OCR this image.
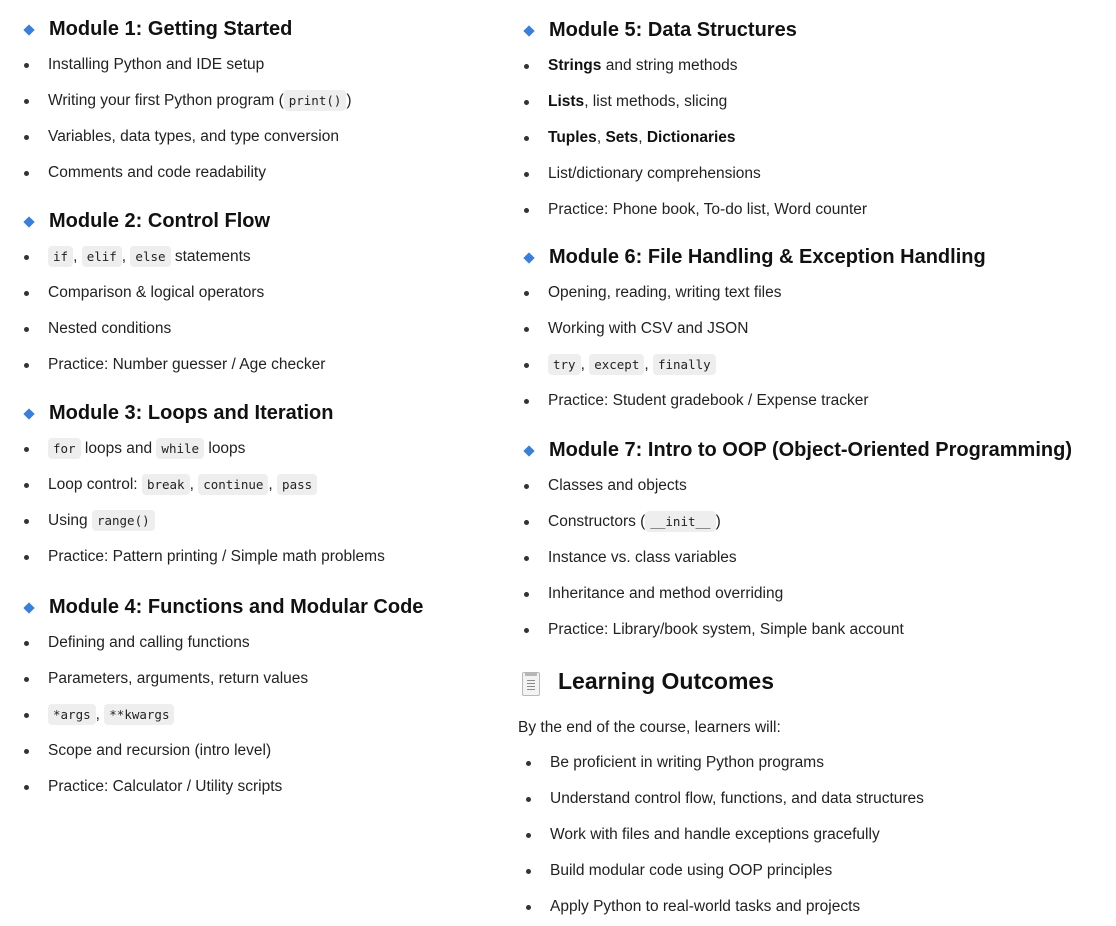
Module 1: Getting Started
Installing Python and IDE setup
Writing your first Python program ( print() )
Variables, data types, and type conversion
Comments and code readability
Module 2: Control Flow
if , elif , else statements
Comparison & logical operators
Nested conditions
Practice: Number guesser / Age checker
Module 3: Loops and Iteration
for loops and while loops
Loop control: break , continue , pass
Using range()
Practice: Pattern printing / Simple math problems
Module 4: Functions and Modular Code
Defining and calling functions
Parameters, arguments, return values
*args , **kwargs
Scope and recursion (intro level)
Practice: Calculator / Utility scripts
Module 5: Data Structures
Strings and string methods
Lists, list methods, slicing
Tuples, Sets, Dictionaries
List/dictionary comprehensions
Practice: Phone book, To-do list, Word counter
Module 6: File Handling & Exception Handling
Opening, reading, writing text files
Working with CSV and JSON
try , except , finally
Practice: Student gradebook / Expense tracker
Module 7: Intro to OOP (Object-Oriented Programming)
Classes and objects
Constructors ( __init__ )
Instance vs. class variables
Inheritance and method overriding
Practice: Library/book system, Simple bank account
Learning Outcomes
By the end of the course, learners will:
Be proficient in writing Python programs
Understand control flow, functions, and data structures
Work with files and handle exceptions gracefully
Build modular code using OOP principles
Apply Python to real-world tasks and projects
